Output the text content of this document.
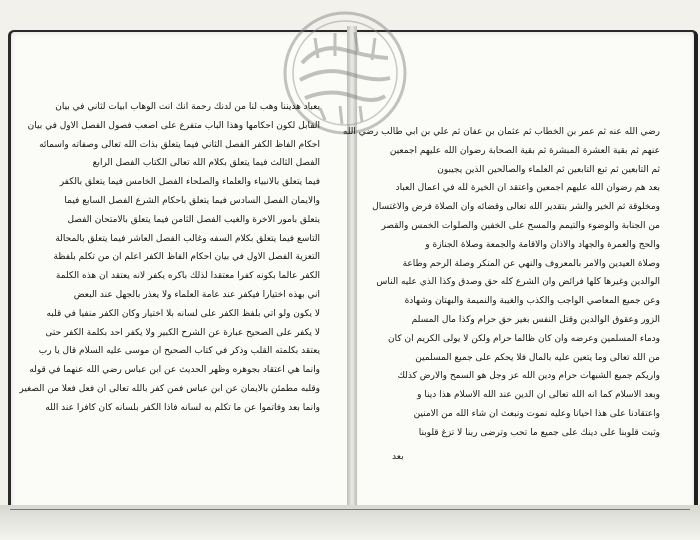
بعباد هديننا وهب لنا من لدنك رحمة انك انت الوهاب ابيات لثاني في بيان
القابل لكون احكامها وهذا الباب متفرع على اصعب فصول الفصل الاول في بيان
احكام الفاظ الكفر الفصل الثاني فيما يتعلق بذات الله تعالى وصفاته واسمائه
الفصل الثالث فيما يتعلق بكلام الله تعالى الكتاب الفصل الرابع
فيما يتعلق بالانبياء والعلماء والصلحاء الفصل الخامس فيما يتعلق بالكفر
والايمان الفصل السادس فيما يتعلق باحكام الشرع الفصل السابع فيما
يتعلق بامور الاخرة والغيب الفصل الثامن فيما يتعلق بالامتحان الفصل
التاسع فيما يتعلق بكلام السفه وغالب الفصل العاشر فيما يتعلق بالمحالة
التعزية الفصل الاول في بيان احكام الفاظ الكفر اعلم ان من تكلم بلفظة
الكفر عالما بكونه كفرا معتقدا لذلك باكره يكفر لانه يعتقد ان هذه الكلمة
اني بهذه اختيارا فيكفر عند عامة العلماء ولا يعذر بالجهل عند البعض
لا يكون ولو اتي بلفظ الكفر على لسانه بلا اختيار وكان الكفر منفيا في قلبه
لا يكفر على الصحيح عبارة عن الشرح الكبير ولا يكفر احد بكلمة الكفر حتى
يعتقد بكلمته القلب وذكر في كتاب الصحيح ان موسى عليه السلام قال يا رب
وانما هي اعتقاد بجوهره وظهر الحديث عن ابن عباس رضي الله عنهما في قوله
وقلبه مطمئن بالايمان عن ابن عباس فمن كفر بالله تعالى ان فعل فعلا من الصغير
وانما بعد وفاتموا عن ما تكلم به لسانه فاذا الكفر بلسانه كان كافرا عند الله
رضي الله عنه ثم عمر بن الخطاب ثم عثمان بن عفان ثم علي بن ابي طالب رضي الله
عنهم ثم بقية العشرة المبشرة ثم بقية الصحابة رضوان الله عليهم اجمعين
ثم التابعين ثم تبع التابعين ثم العلماء والصالحين الذين يجيبون
بعد هم رضوان الله عليهم اجمعين واعتقد ان الخيرة لله في اعمال العباد
ومخلوقة ثم الخير والشر بتقدير الله تعالى وقضائه وان الصلاة فرض والاغتسال
من الجنابة والوضوء والتيمم والمسح على الخفين والصلوات الخمس والقصر
والحج والعمرة والجهاد والاذان والاقامة والجمعة وصلاة الجنازة و
وصلاة العيدين والامر بالمعروف والنهي عن المنكر وصلة الرحم وطاعة
الوالدين وغيرها كلها فرائض وان الشرع كله حق وصدق وكذا الذي عليه الناس
وعن جميع المعاصي الواجب والكذب والغيبة والنميمة والبهتان وشهادة
الزور وعقوق الوالدين وقتل النفس بغير حق حرام وكذا مال المسلم
ودماء المسلمين وعرضه وان كان ظالما حرام ولكن لا يولى الكريم ان كان
من الله تعالى وما يتعين عليه بالمال فلا يحكم على جميع المسلمين
واريكم جميع الشبهات حرام ودين الله عز وجل هو السمح والارض كذلك
وبعد الاسلام كما انه الله تعالى ان الدين عند الله الاسلام هذا دينا و
واعتقادنا على هذا احيانا وعليه نموت ونبعث ان شاء الله من الامنين
وثبت قلوبنا على دينك على جميع ما تحب وترضى ربنا لا تزغ قلوبنا
بعد
